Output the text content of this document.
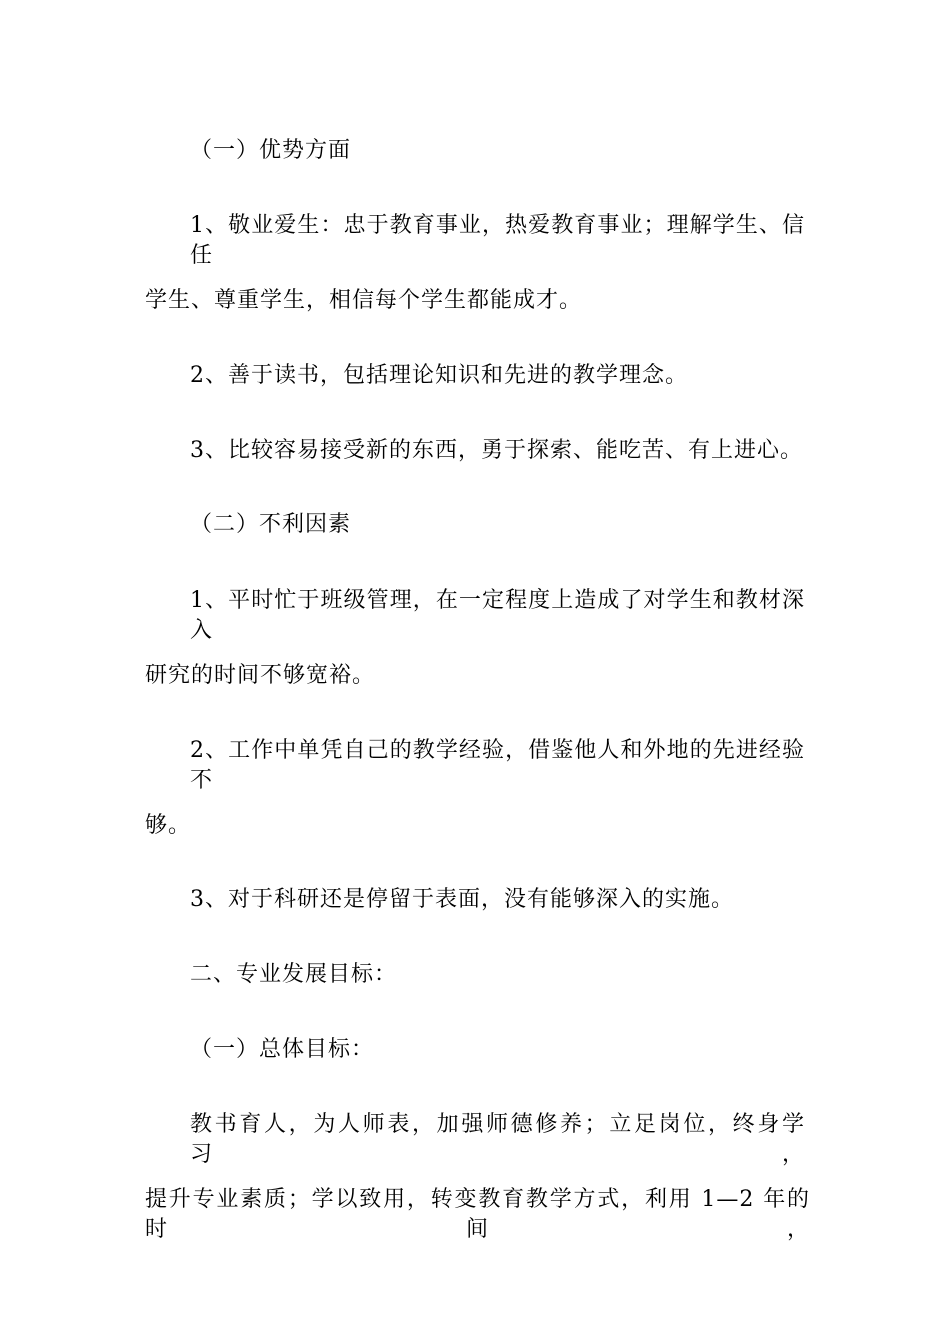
（一）优势方面
1、敬业爱生：忠于教育事业，热爱教育事业；理解学生、信任
学生、尊重学生，相信每个学生都能成才。
2、善于读书，包括理论知识和先进的教学理念。
3、比较容易接受新的东西，勇于探索、能吃苦、有上进心。
（二）不利因素
1、平时忙于班级管理，在一定程度上造成了对学生和教材深入
研究的时间不够宽裕。
2、工作中单凭自己的教学经验，借鉴他人和外地的先进经验不
够。
3、对于科研还是停留于表面，没有能够深入的实施。
二、专业发展目标：
（一）总体目标：
教书育人，为人师表，加强师德修养；立足岗位，终身学习，
提升专业素质；学以致用，转变教育教学方式，利用 1—2 年的时间，
